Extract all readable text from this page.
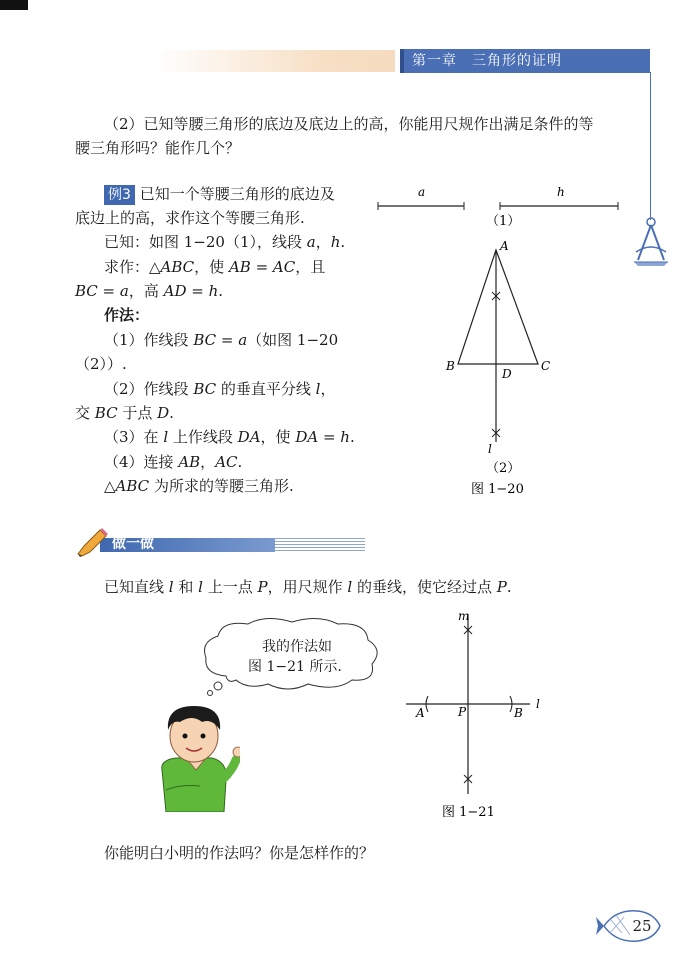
第一章　三角形的证明

（2）已知等腰三角形的底边及底边上的高，你能用尺规作出满足条件的等

腰三角形吗？能作几个？

例3 已知一个等腰三角形的底边及

底边上的高，求作这个等腰三角形.

已知：如图 1−20（1），线段 a，h.

求作：△ABC，使 AB = AC，且

BC = a，高 AD = h.

作法：

（1）作线段 BC = a（如图 1−20

（2））.

（2）作线段 BC 的垂直平分线 l，

交 BC 于点 D.

（3）在 l 上作线段 DA，使 DA = h.

（4）连接 AB，AC.

△ABC 为所求的等腰三角形.

a	h
（1）
A
B	C
D
l
（2）
图 1−20
做一做

已知直线 l 和 l 上一点 P，用尺规作 l 的垂线，使它经过点 P.

我的作法如
图 1−21 所示.
m
A	P	B
l
图 1−21

你能明白小明的作法吗？你是怎样作的？

25
